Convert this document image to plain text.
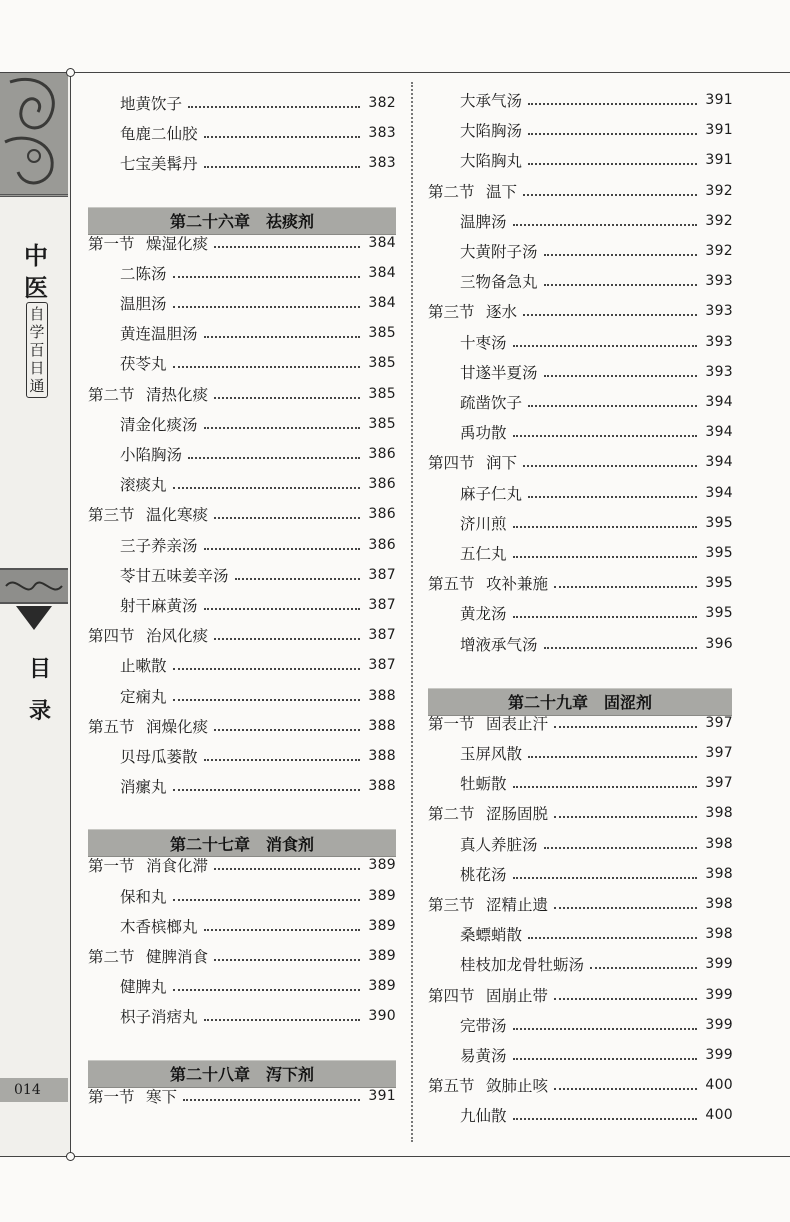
中
医
自
学
百
日
通
目
录
014
地黄饮子	382
龟鹿二仙胶	383
七宝美髯丹	383
第二十六章 祛痰剂
第一节 燥湿化痰	384
二陈汤	384
温胆汤	384
黄连温胆汤	385
茯苓丸	385
第二节 清热化痰	385
清金化痰汤	385
小陷胸汤	386
滚痰丸	386
第三节 温化寒痰	386
三子养亲汤	386
苓甘五味姜辛汤	387
射干麻黄汤	387
第四节 治风化痰	387
止嗽散	387
定痫丸	388
第五节 润燥化痰	388
贝母瓜蒌散	388
消瘰丸	388
第二十七章 消食剂
第一节 消食化滞	389
保和丸	389
木香槟榔丸	389
第二节 健脾消食	389
健脾丸	389
枳子消痞丸	390
第二十八章 泻下剂
第一节 寒下	391
大承气汤	391
大陷胸汤	391
大陷胸丸	391
第二节 温下	392
温脾汤	392
大黄附子汤	392
三物备急丸	393
第三节 逐水	393
十枣汤	393
甘遂半夏汤	393
疏凿饮子	394
禹功散	394
第四节 润下	394
麻子仁丸	394
济川煎	395
五仁丸	395
第五节 攻补兼施	395
黄龙汤	395
增液承气汤	396
第二十九章 固涩剂
第一节 固表止汗	397
玉屏风散	397
牡蛎散	397
第二节 涩肠固脱	398
真人养脏汤	398
桃花汤	398
第三节 涩精止遗	398
桑螵蛸散	398
桂枝加龙骨牡蛎汤	399
第四节 固崩止带	399
完带汤	399
易黄汤	399
第五节 敛肺止咳	400
九仙散	400
